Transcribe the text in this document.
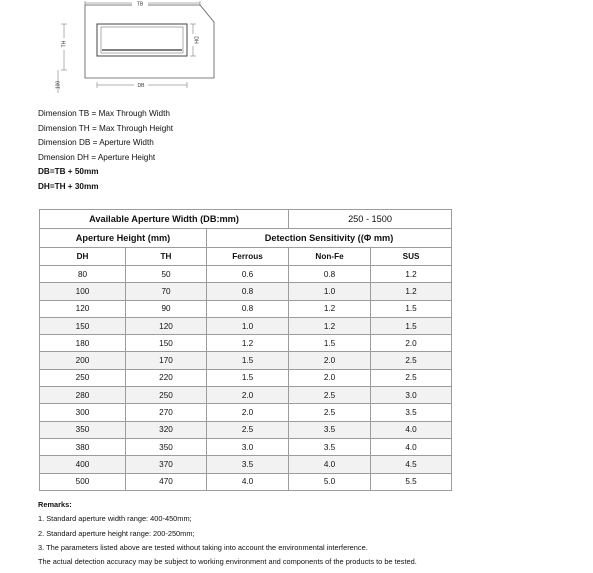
TB
DB
TH
100
DH
Dimension TB = Max Through Width
Dimension TH = Max Through Height
Dimension DB = Aperture Width
Dmension DH = Aperture Height
DB=TB + 50mm
DH=TH + 30mm
Available Aperture Width (DB:mm)			250 - 1500	
Aperture Height (mm)		Detection Sensitivity ((Φ mm)		
DH	TH	Ferrous	Non-Fe	SUS
80	50	0.6	0.8	1.2
100	70	0.8	1.0	1.2
120	90	0.8	1.2	1.5
150	120	1.0	1.2	1.5
180	150	1.2	1.5	2.0
200	170	1.5	2.0	2.5
250	220	1.5	2.0	2.5
280	250	2.0	2.5	3.0
300	270	2.0	2.5	3.5
350	320	2.5	3.5	4.0
380	350	3.0	3.5	4.0
400	370	3.5	4.0	4.5
500	470	4.0	5.0	5.5
Remarks:
1. Standard aperture width range: 400-450mm;
2. Standard aperture height range: 200-250mm;
3. The parameters listed above are tested without taking into account the environmental interference.
The actual detection accuracy may be subject to working environment and components of the products to be tested.
